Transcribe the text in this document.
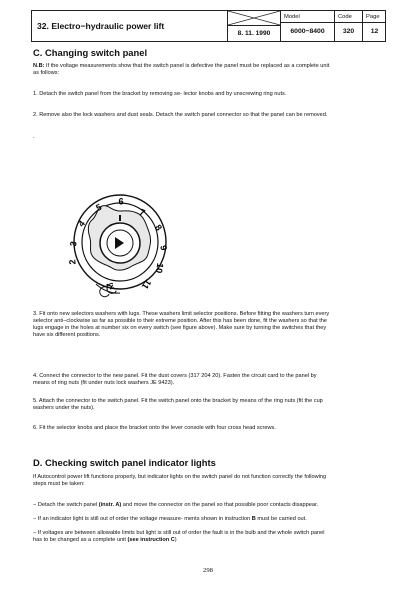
32. Electro−hydraulic power lift
8. 11. 1990
Model
6000−8400
Code
320
Page
12
C. Changing switch panel

N.B: If the voltage measurements show that the switch panel is defective the panel must be replaced as a complete unit as follows:

1. Detach the switch panel from the bracket by removing se- lector knobs and by unscrewing ring nuts.

2. Remove also the lock washers and dust seals. Detach the switch panel connector so that the panel can be removed.

.

3. Fit onto new selectors washers with lugs. These washers limit selector positions. Before fitting the washers turn every selector anti−clockwise as far as possible to their extreme position. After this has been done, fit the washers so that the lugs engage in the holes at number six on every switch (see figure above). Make sure by turning the switches that they have six different positions.

4. Connect the connector to the new panel. Fit the dust covers (317 204 20). Fasten the circuit card to the panel by means of ring nuts (fit under nuts lock washers JE 9423).

5. Attach the connector to the switch panel. Fit the switch panel onto the bracket by means of the ring nuts (fit the cup washers under the nuts).

6. Fit the selector knobs and place the bracket onto the lever console with four cross head screws.

D. Checking switch panel indicator lights

If Autocontrol power lift functions properly, but indicator lights on the switch panel do not function correctly the following steps must be taken:

− Detach the switch panel (instr. A) and move the connector on the panel so that possible poor contacts disappear.

− If an indicator light is still out of order the voltage measure- ments shown in instruction B must be carried out.

− If voltages are between allowable limits but light is still out of order the fault is in the bulb and the whole switch panel has to be changed as a complete unit (see instruction C)

1
2
3
4
5
6
7
8
9
10
11
298
